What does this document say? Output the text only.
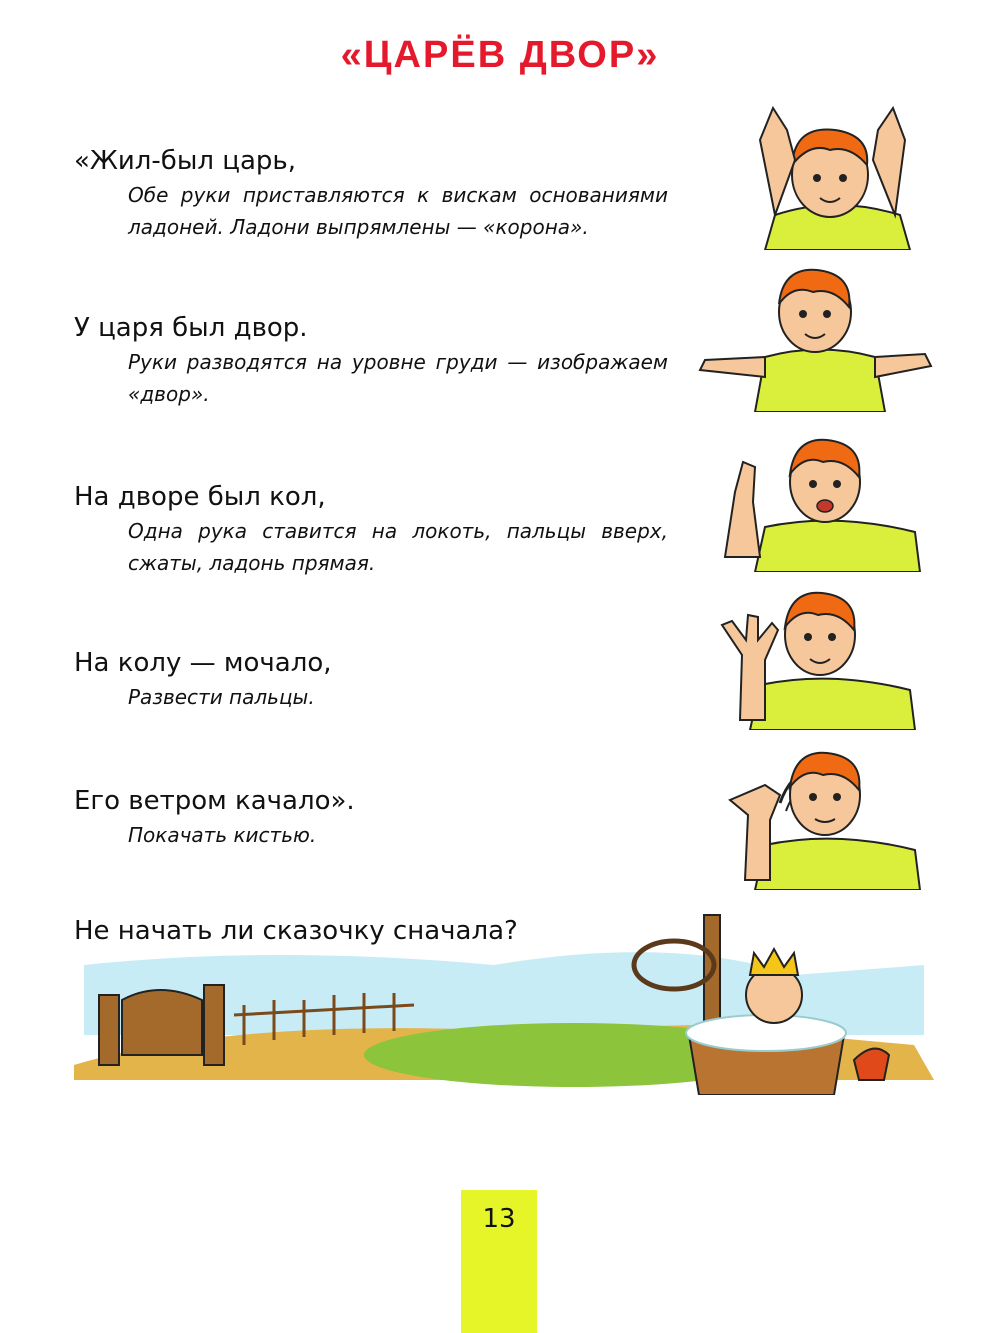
«ЦАРЁВ ДВОР»

«Жил-был царь,

Обе руки приставляются к вискам основаниями ладоней. Ладони выпрямлены — «корона».

У царя был двор.

Руки разводятся на уровне груди — изображаем «двор».

На дворе был кол,

Одна рука ставится на локоть, пальцы вверх, сжаты, ладонь прямая.

На колу — мочало,

Развести пальцы.

Его ветром качало».

Покачать кистью.

Не начать ли сказочку сначала?

13
